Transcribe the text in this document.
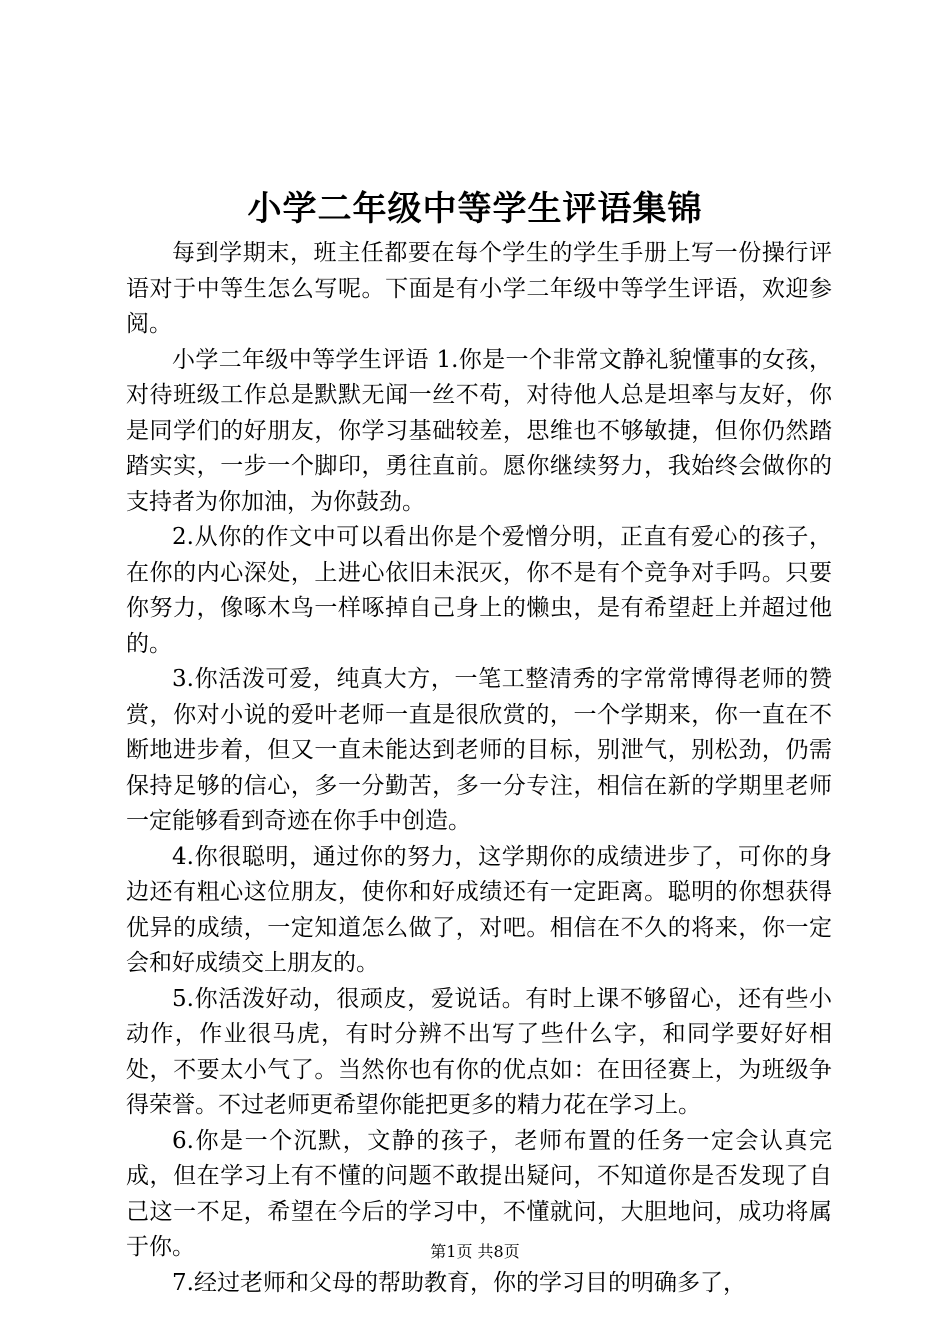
小学二年级中等学生评语集锦

每到学期末，班主任都要在每个学生的学生手册上写一份操行评语对于中等生怎么写呢。下面是有小学二年级中等学生评语，欢迎参阅。

小学二年级中等学生评语 1.你是一个非常文静礼貌懂事的女孩，对待班级工作总是默默无闻一丝不苟，对待他人总是坦率与友好，你是同学们的好朋友，你学习基础较差，思维也不够敏捷，但你仍然踏踏实实，一步一个脚印，勇往直前。愿你继续努力，我始终会做你的支持者为你加油，为你鼓劲。

2.从你的作文中可以看出你是个爱憎分明，正直有爱心的孩子，在你的内心深处，上进心依旧未泯灭，你不是有个竞争对手吗。只要你努力，像啄木鸟一样啄掉自己身上的懒虫，是有希望赶上并超过他的。

3.你活泼可爱，纯真大方，一笔工整清秀的字常常博得老师的赞赏，你对小说的爱叶老师一直是很欣赏的，一个学期来，你一直在不断地进步着，但又一直未能达到老师的目标，别泄气，别松劲，仍需保持足够的信心，多一分勤苦，多一分专注，相信在新的学期里老师一定能够看到奇迹在你手中创造。

4.你很聪明，通过你的努力，这学期你的成绩进步了，可你的身边还有粗心这位朋友，使你和好成绩还有一定距离。聪明的你想获得优异的成绩，一定知道怎么做了，对吧。相信在不久的将来，你一定会和好成绩交上朋友的。

5.你活泼好动，很顽皮，爱说话。有时上课不够留心，还有些小动作，作业很马虎，有时分辨不出写了些什么字，和同学要好好相处，不要太小气了。当然你也有你的优点如：在田径赛上，为班级争得荣誉。不过老师更希望你能把更多的精力花在学习上。

6.你是一个沉默，文静的孩子，老师布置的任务一定会认真完成，但在学习上有不懂的问题不敢提出疑问，不知道你是否发现了自己这一不足，希望在今后的学习中，不懂就问，大胆地问，成功将属于你。

7.经过老师和父母的帮助教育，你的学习目的明确多了，

第1页 共8页
